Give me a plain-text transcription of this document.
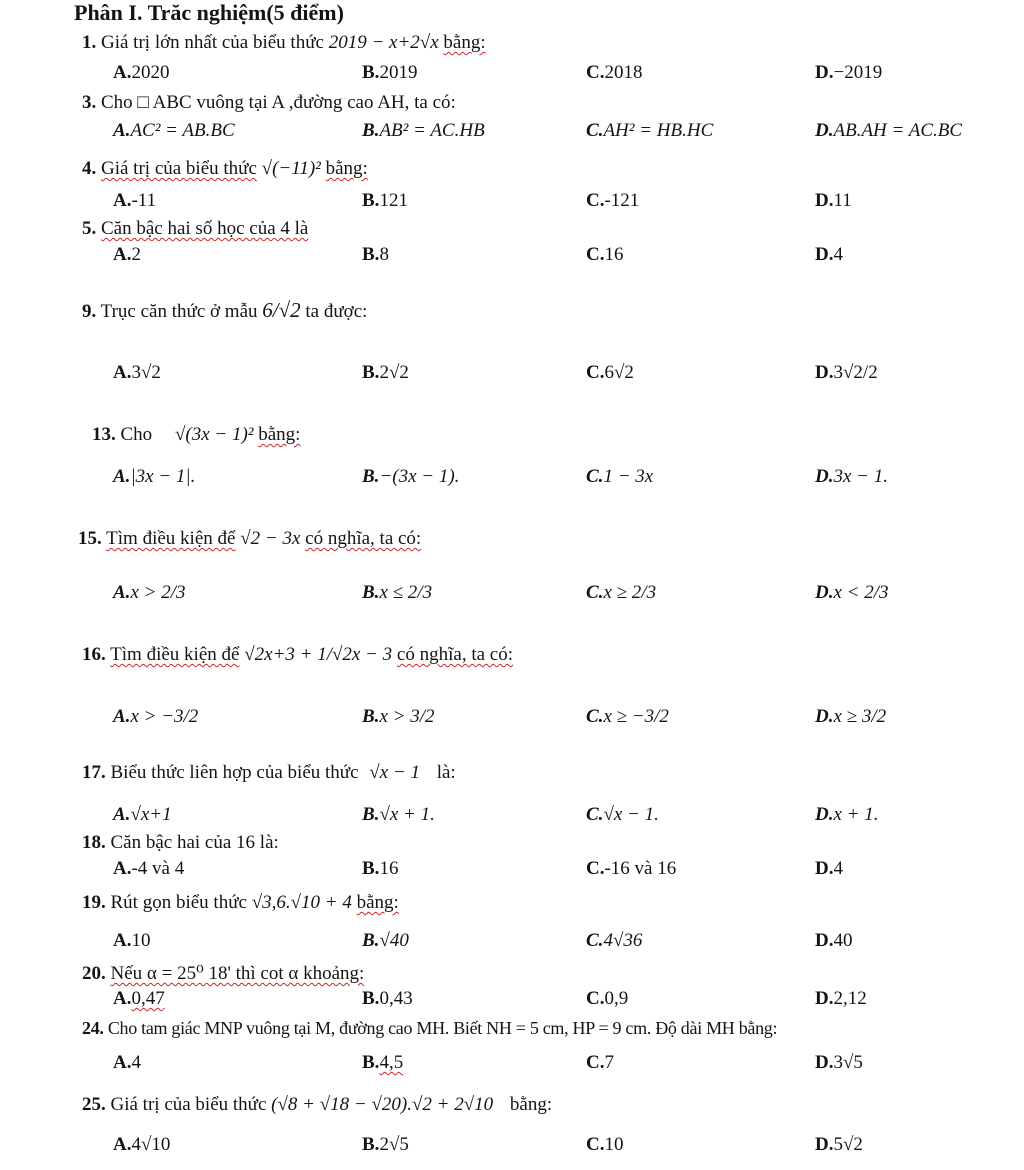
Phân I. Trăc nghiệm(5 điểm)
1. Giá trị lớn nhất của biểu thức 2019 − x+2√x bằng:
A.2020	B.2019	C.2018	D.−2019
3. Cho □ ABC vuông tại A ,đường cao AH, ta có:
A.AC² = AB.BC	B.AB² = AC.HB	C.AH² = HB.HC	D.AB.AH = AC.BC
4. Giá trị của biểu thức √(−11)² bằng:
A.-11	B.121	C.-121	D.11
5. Căn bậc hai số học của 4 là
A.2	B.8	C.16	D.4
9. Trục căn thức ở mẫu 6/√2 ta được:
A.3√2	B.2√2	C.6√2	D.3√2/2
13. Cho √(3x − 1)² bằng:
A.|3x − 1|.	B.−(3x − 1).	C.1 − 3x	D.3x − 1.
15. Tìm điều kiện để √2 − 3x có nghĩa, ta có:
A.x > 2/3	B.x ≤ 2/3	C.x ≥ 2/3	D.x < 2/3
16. Tìm điều kiện để √2x+3 + 1/√2x − 3 có nghĩa, ta có:
A.x > −3/2	B.x > 3/2	C.x ≥ −3/2	D.x ≥ 3/2
17. Biểu thức liên hợp của biểu thức √x − 1 là:
A.√x+1	B.√x + 1.	C.√x − 1.	D.x + 1.
18. Căn bậc hai của 16 là:
A.-4 và 4	B.16	C.-16 và 16	D.4
19. Rút gọn biểu thức √3,6.√10 + 4 bằng:
A.10	B.√40	C.4√36	D.40
20. Nếu α = 25⁰ 18' thì cot α khoảng:
A.0,47	B.0,43	C.0,9	D.2,12
24. Cho tam giác MNP vuông tại M, đường cao MH. Biết NH = 5 cm, HP = 9 cm. Độ dài MH bằng:
A.4	B.4,5	C.7	D.3√5
25. Giá trị của biểu thức (√8 + √18 − √20).√2 + 2√10 bằng:
A.4√10	B.2√5	C.10	D.5√2
